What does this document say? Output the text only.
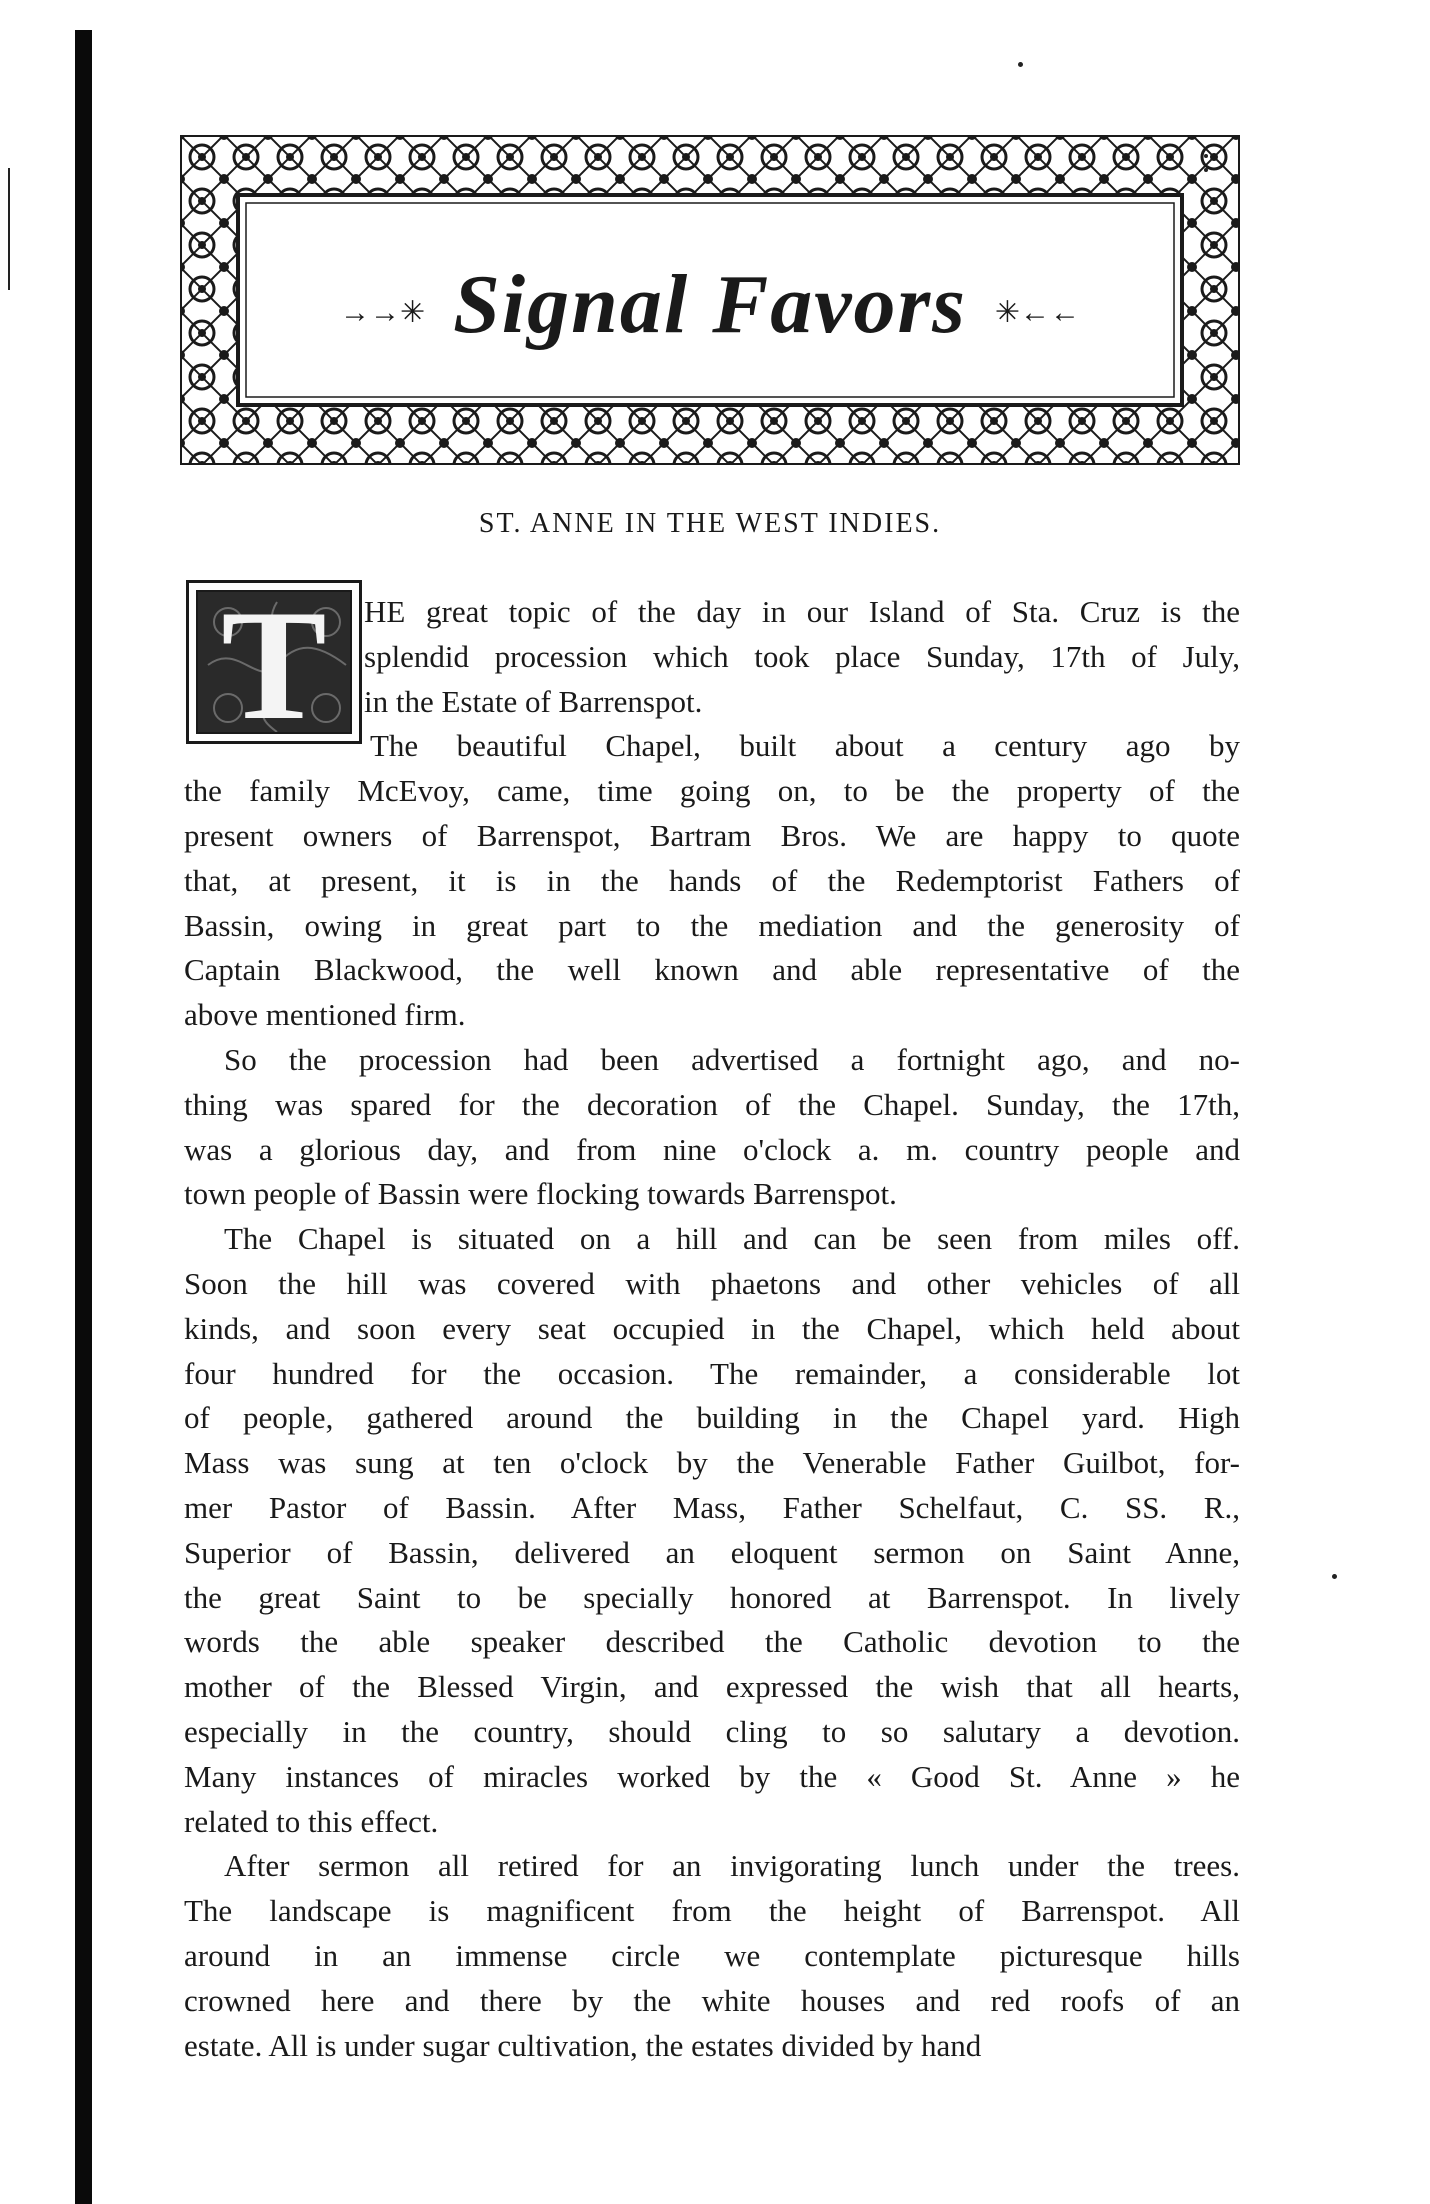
→→✳ Signal Favors ✳←←
ST. ANNE IN THE WEST INDIES.
T	HE great topic of the day in our Island of Sta. Cruz is the
splendid procession which took place Sunday, 17th of July,
in the Estate of Barrenspot.
The beautiful Chapel, built about a century ago by
the family McEvoy, came, time going on, to be the property of the
present owners of Barrenspot, Bartram Bros. We are happy to quote
that, at present, it is in the hands of the Redemptorist Fathers of
Bassin, owing in great part to the mediation and the generosity of
Captain Blackwood, the well known and able representative of the
above mentioned firm.
So the procession had been advertised a fortnight ago, and no-
thing was spared for the decoration of the Chapel. Sunday, the 17th,
was a glorious day, and from nine o'clock a. m. country people and
town people of Bassin were flocking towards Barrenspot.
The Chapel is situated on a hill and can be seen from miles off.
Soon the hill was covered with phaetons and other vehicles of all
kinds, and soon every seat occupied in the Chapel, which held about
four hundred for the occasion. The remainder, a considerable lot
of people, gathered around the building in the Chapel yard. High
Mass was sung at ten o'clock by the Venerable Father Guilbot, for-
mer Pastor of Bassin. After Mass, Father Schelfaut, C. SS. R.,
Superior of Bassin, delivered an eloquent sermon on Saint Anne,
the great Saint to be specially honored at Barrenspot. In lively
words the able speaker described the Catholic devotion to the
mother of the Blessed Virgin, and expressed the wish that all hearts,
especially in the country, should cling to so salutary a devotion.
Many instances of miracles worked by the « Good St. Anne » he
related to this effect.
After sermon all retired for an invigorating lunch under the trees.
The landscape is magnificent from the height of Barrenspot. All
around in an immense circle we contemplate picturesque hills
crowned here and there by the white houses and red roofs of an
estate. All is under sugar cultivation, the estates divided by hand
